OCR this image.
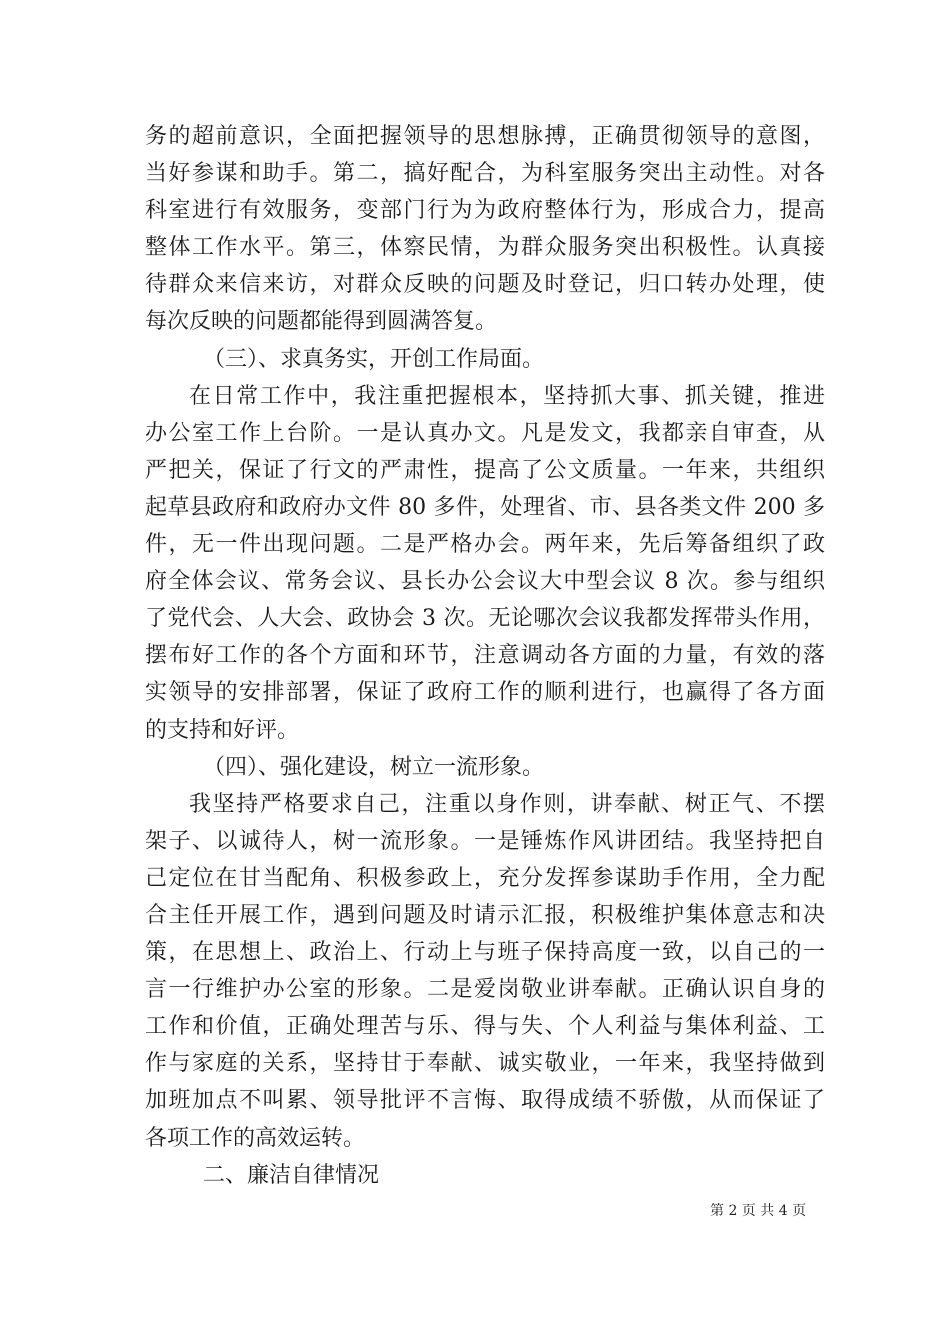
务的超前意识，全面把握领导的思想脉搏，正确贯彻领导的意图，
当好参谋和助手。第二，搞好配合，为科室服务突出主动性。对各
科室进行有效服务，变部门行为为政府整体行为，形成合力，提高
整体工作水平。第三，体察民情，为群众服务突出积极性。认真接
待群众来信来访，对群众反映的问题及时登记，归口转办处理，使
每次反映的问题都能得到圆满答复。
（三）、求真务实，开创工作局面。
在日常工作中，我注重把握根本，坚持抓大事、抓关键，推进
办公室工作上台阶。一是认真办文。凡是发文，我都亲自审查，从
严把关，保证了行文的严肃性，提高了公文质量。一年来，共组织
起草县政府和政府办文件 80 多件，处理省、市、县各类文件 200 多
件，无一件出现问题。二是严格办会。两年来，先后筹备组织了政
府全体会议、常务会议、县长办公会议大中型会议 8 次。参与组织
了党代会、人大会、政协会 3 次。无论哪次会议我都发挥带头作用，
摆布好工作的各个方面和环节，注意调动各方面的力量，有效的落
实领导的安排部署，保证了政府工作的顺利进行，也赢得了各方面
的支持和好评。
（四）、强化建设，树立一流形象。
我坚持严格要求自己，注重以身作则，讲奉献、树正气、不摆
架子、以诚待人，树一流形象。一是锤炼作风讲团结。我坚持把自
己定位在甘当配角、积极参政上，充分发挥参谋助手作用，全力配
合主任开展工作，遇到问题及时请示汇报，积极维护集体意志和决
策，在思想上、政治上、行动上与班子保持高度一致，以自己的一
言一行维护办公室的形象。二是爱岗敬业讲奉献。正确认识自身的
工作和价值，正确处理苦与乐、得与失、个人利益与集体利益、工
作与家庭的关系，坚持甘于奉献、诚实敬业，一年来，我坚持做到
加班加点不叫累、领导批评不言悔、取得成绩不骄傲，从而保证了
各项工作的高效运转。
二、廉洁自律情况
第 2 页 共 4 页
